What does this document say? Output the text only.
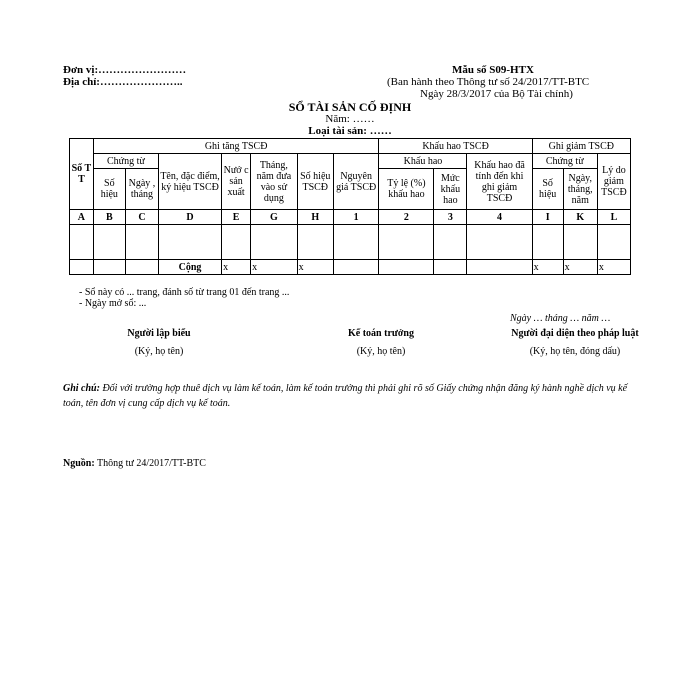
Đơn vị:……………………
Địa chỉ:…………………..
Mẫu số S09-HTX
(Ban hành theo Thông tư số 24/2017/TT-BTC
Ngày 28/3/2017 của Bộ Tài chính)
SỔ TÀI SẢN CỐ ĐỊNH
Năm: ……
Loại tài sản: ……
Số T T	Ghi tăng TSCĐ							Khấu hao TSCĐ			Ghi giảm TSCĐ		
	Chứng từ		Tên, đặc điểm, ký hiệu TSCĐ	Nướ c sản xuất	Tháng, năm đưa vào sử dụng	Số hiệu TSCĐ	Nguyên giá TSCĐ	Khấu hao		Khấu hao đã tính đến khi ghi giảm TSCĐ	Chứng từ		Lý do giảm TSCĐ
	Số hiệu	Ngày , tháng						Tỷ lệ (%) khấu hao	Mức khấu hao		Số hiệu	Ngày, tháng, năm	
A	B	C	D	E	G	H	1	2	3	4	I	K	L

			Cộng	x	x	x					x	x	x
- Sổ này có ... trang, đánh số từ trang 01 đến trang ...
- Ngày mở sổ: ...
Ngày … tháng … năm …
Người lập biểu
(Ký, họ tên)
Kế toán trưởng
(Ký, họ tên)
Người đại diện theo pháp luật
(Ký, họ tên, đóng dấu)
Ghi chú: Đối với trường hợp thuê dịch vụ làm kế toán, làm kế toán trưởng thì phải ghi rõ số Giấy chứng nhận đăng ký hành nghề dịch vụ kế toán, tên đơn vị cung cấp dịch vụ kế toán.
Nguồn: Thông tư 24/2017/TT-BTC
